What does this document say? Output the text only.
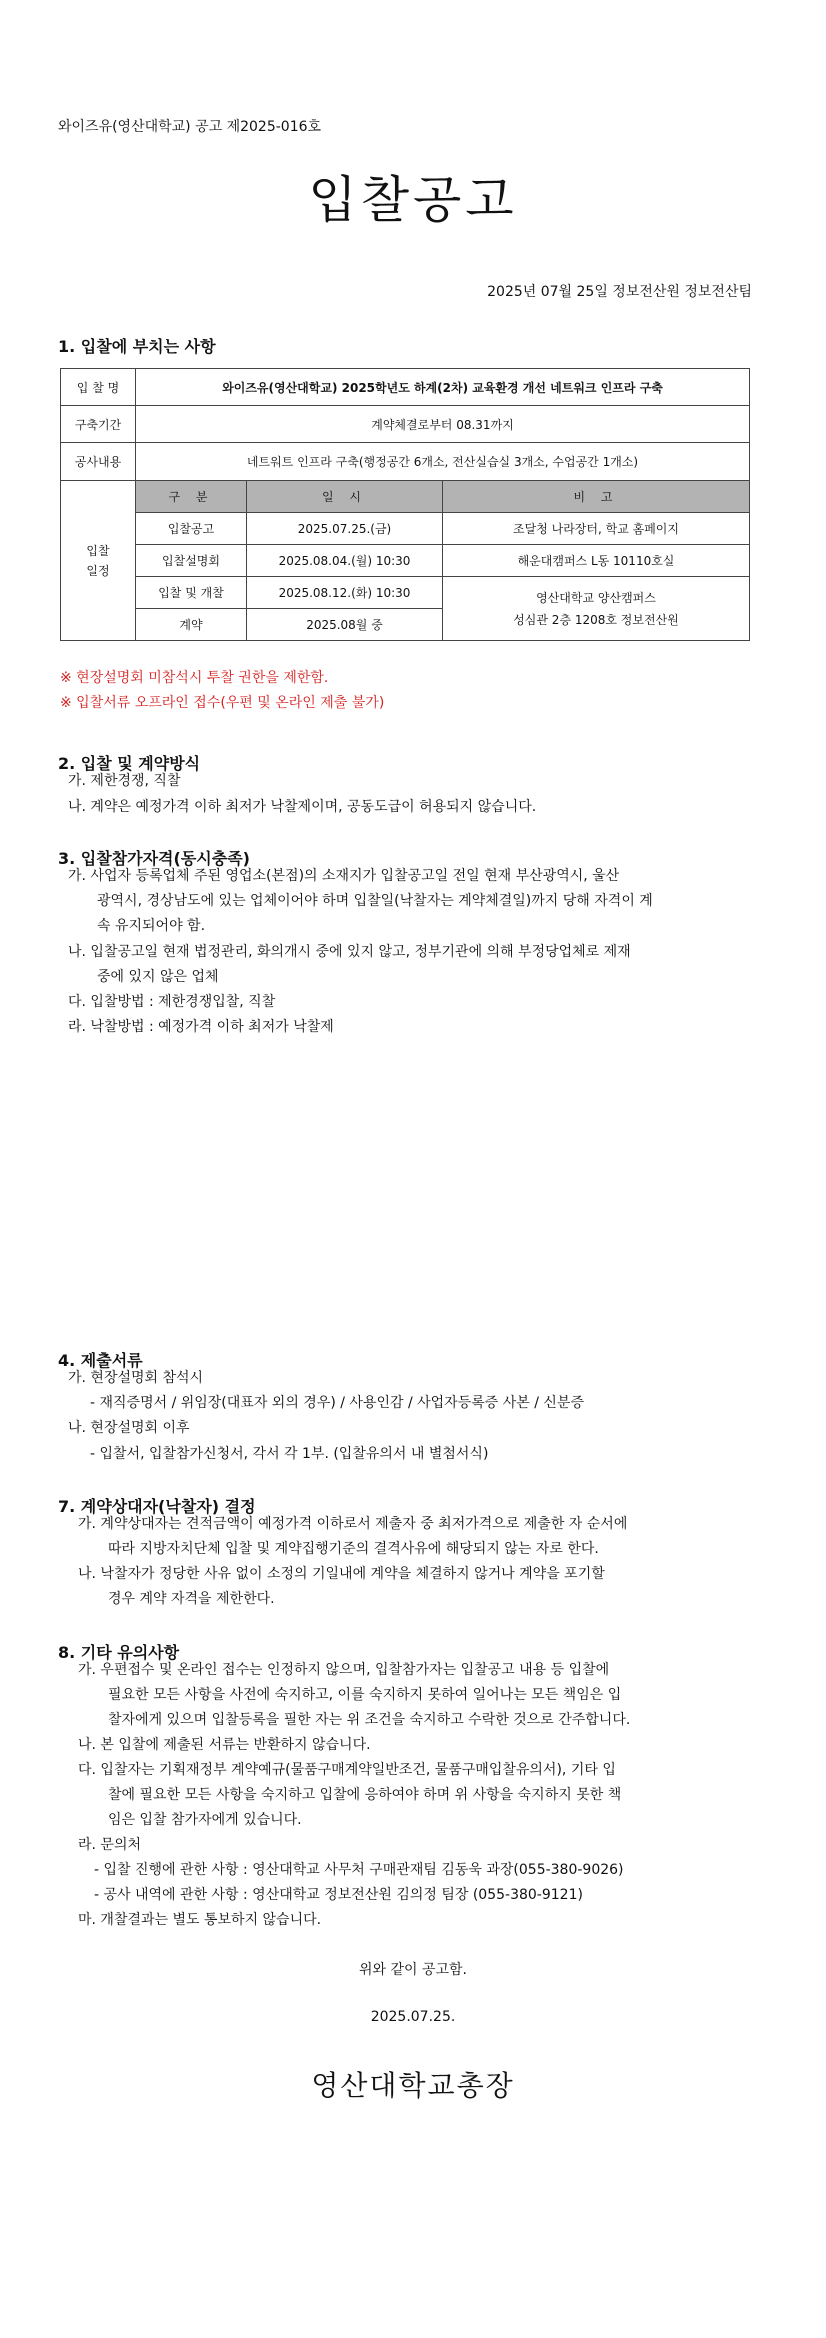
와이즈유(영산대학교) 공고 제2025-016호
입찰공고
2025년 07월 25일 정보전산원 정보전산팀
1. 입찰에 부치는 사항
입 찰 명	와이즈유(영산대학교) 2025학년도 하계(2차) 교육환경 개선 네트워크 인프라 구축		
구축기간	계약체결로부터 08.31까지		
공사내용	네트워트 인프라 구축(행정공간 6개소, 전산실습실 3개소, 수업공간 1개소)		
입찰
일정	구 분	일 시	비 고
	입찰공고	2025.07.25.(금)	조달청 나라장터, 학교 홈페이지
	입찰설명회	2025.08.04.(월) 10:30	해운대캠퍼스 L동 10110호실
	입찰 및 개찰	2025.08.12.(화) 10:30	영산대학교 양산캠퍼스
성심관 2층 1208호 정보전산원
	계약	2025.08월 중	
※ 현장설명회 미참석시 투찰 권한을 제한함.
※ 입찰서류 오프라인 접수(우편 및 온라인 제출 불가)
2. 입찰 및 계약방식
가. 제한경쟁, 직찰
나. 계약은 예정가격 이하 최저가 낙찰제이며, 공동도급이 허용되지 않습니다.
3. 입찰참가자격(동시충족)
가. 사업자 등록업체 주된 영업소(본점)의 소재지가 입찰공고일 전일 현재 부산광역시, 울산
광역시, 경상남도에 있는 업체이어야 하며 입찰일(낙찰자는 계약체결일)까지 당해 자격이 계
속 유지되어야 함.
나. 입찰공고일 현재 법정관리, 화의개시 중에 있지 않고, 정부기관에 의해 부정당업체로 제재
중에 있지 않은 업체
다. 입찰방법 : 제한경쟁입찰, 직찰
라. 낙찰방법 : 예정가격 이하 최저가 낙찰제
4. 제출서류
가. 현장설명회 참석시
- 재직증명서 / 위임장(대표자 외의 경우) / 사용인감 / 사업자등록증 사본 / 신분증
나. 현장설명회 이후
- 입찰서, 입찰참가신청서, 각서 각 1부. (입찰유의서 내 별첨서식)
7. 계약상대자(낙찰자) 결정
가. 계약상대자는 견적금액이 예정가격 이하로서 제출자 중 최저가격으로 제출한 자 순서에
따라 지방자치단체 입찰 및 계약집행기준의 결격사유에 해당되지 않는 자로 한다.
나. 낙찰자가 정당한 사유 없이 소정의 기일내에 계약을 체결하지 않거나 계약을 포기할
경우 계약 자격을 제한한다.
8. 기타 유의사항
가. 우편접수 및 온라인 접수는 인정하지 않으며, 입찰참가자는 입찰공고 내용 등 입찰에
필요한 모든 사항을 사전에 숙지하고, 이를 숙지하지 못하여 일어나는 모든 책임은 입
찰자에게 있으며 입찰등록을 필한 자는 위 조건을 숙지하고 수락한 것으로 간주합니다.
나. 본 입찰에 제출된 서류는 반환하지 않습니다.
다. 입찰자는 기획재정부 계약예규(물품구매계약일반조건, 물품구매입찰유의서), 기타 입
찰에 필요한 모든 사항을 숙지하고 입찰에 응하여야 하며 위 사항을 숙지하지 못한 책
임은 입찰 참가자에게 있습니다.
라. 문의처
- 입찰 진행에 관한 사항 : 영산대학교 사무처 구매관재팀 김동욱 과장(055-380-9026)
- 공사 내역에 관한 사항 : 영산대학교 정보전산원 김의정 팀장 (055-380-9121)
마. 개찰결과는 별도 통보하지 않습니다.
위와 같이 공고함.
2025.07.25.
영산대학교총장
